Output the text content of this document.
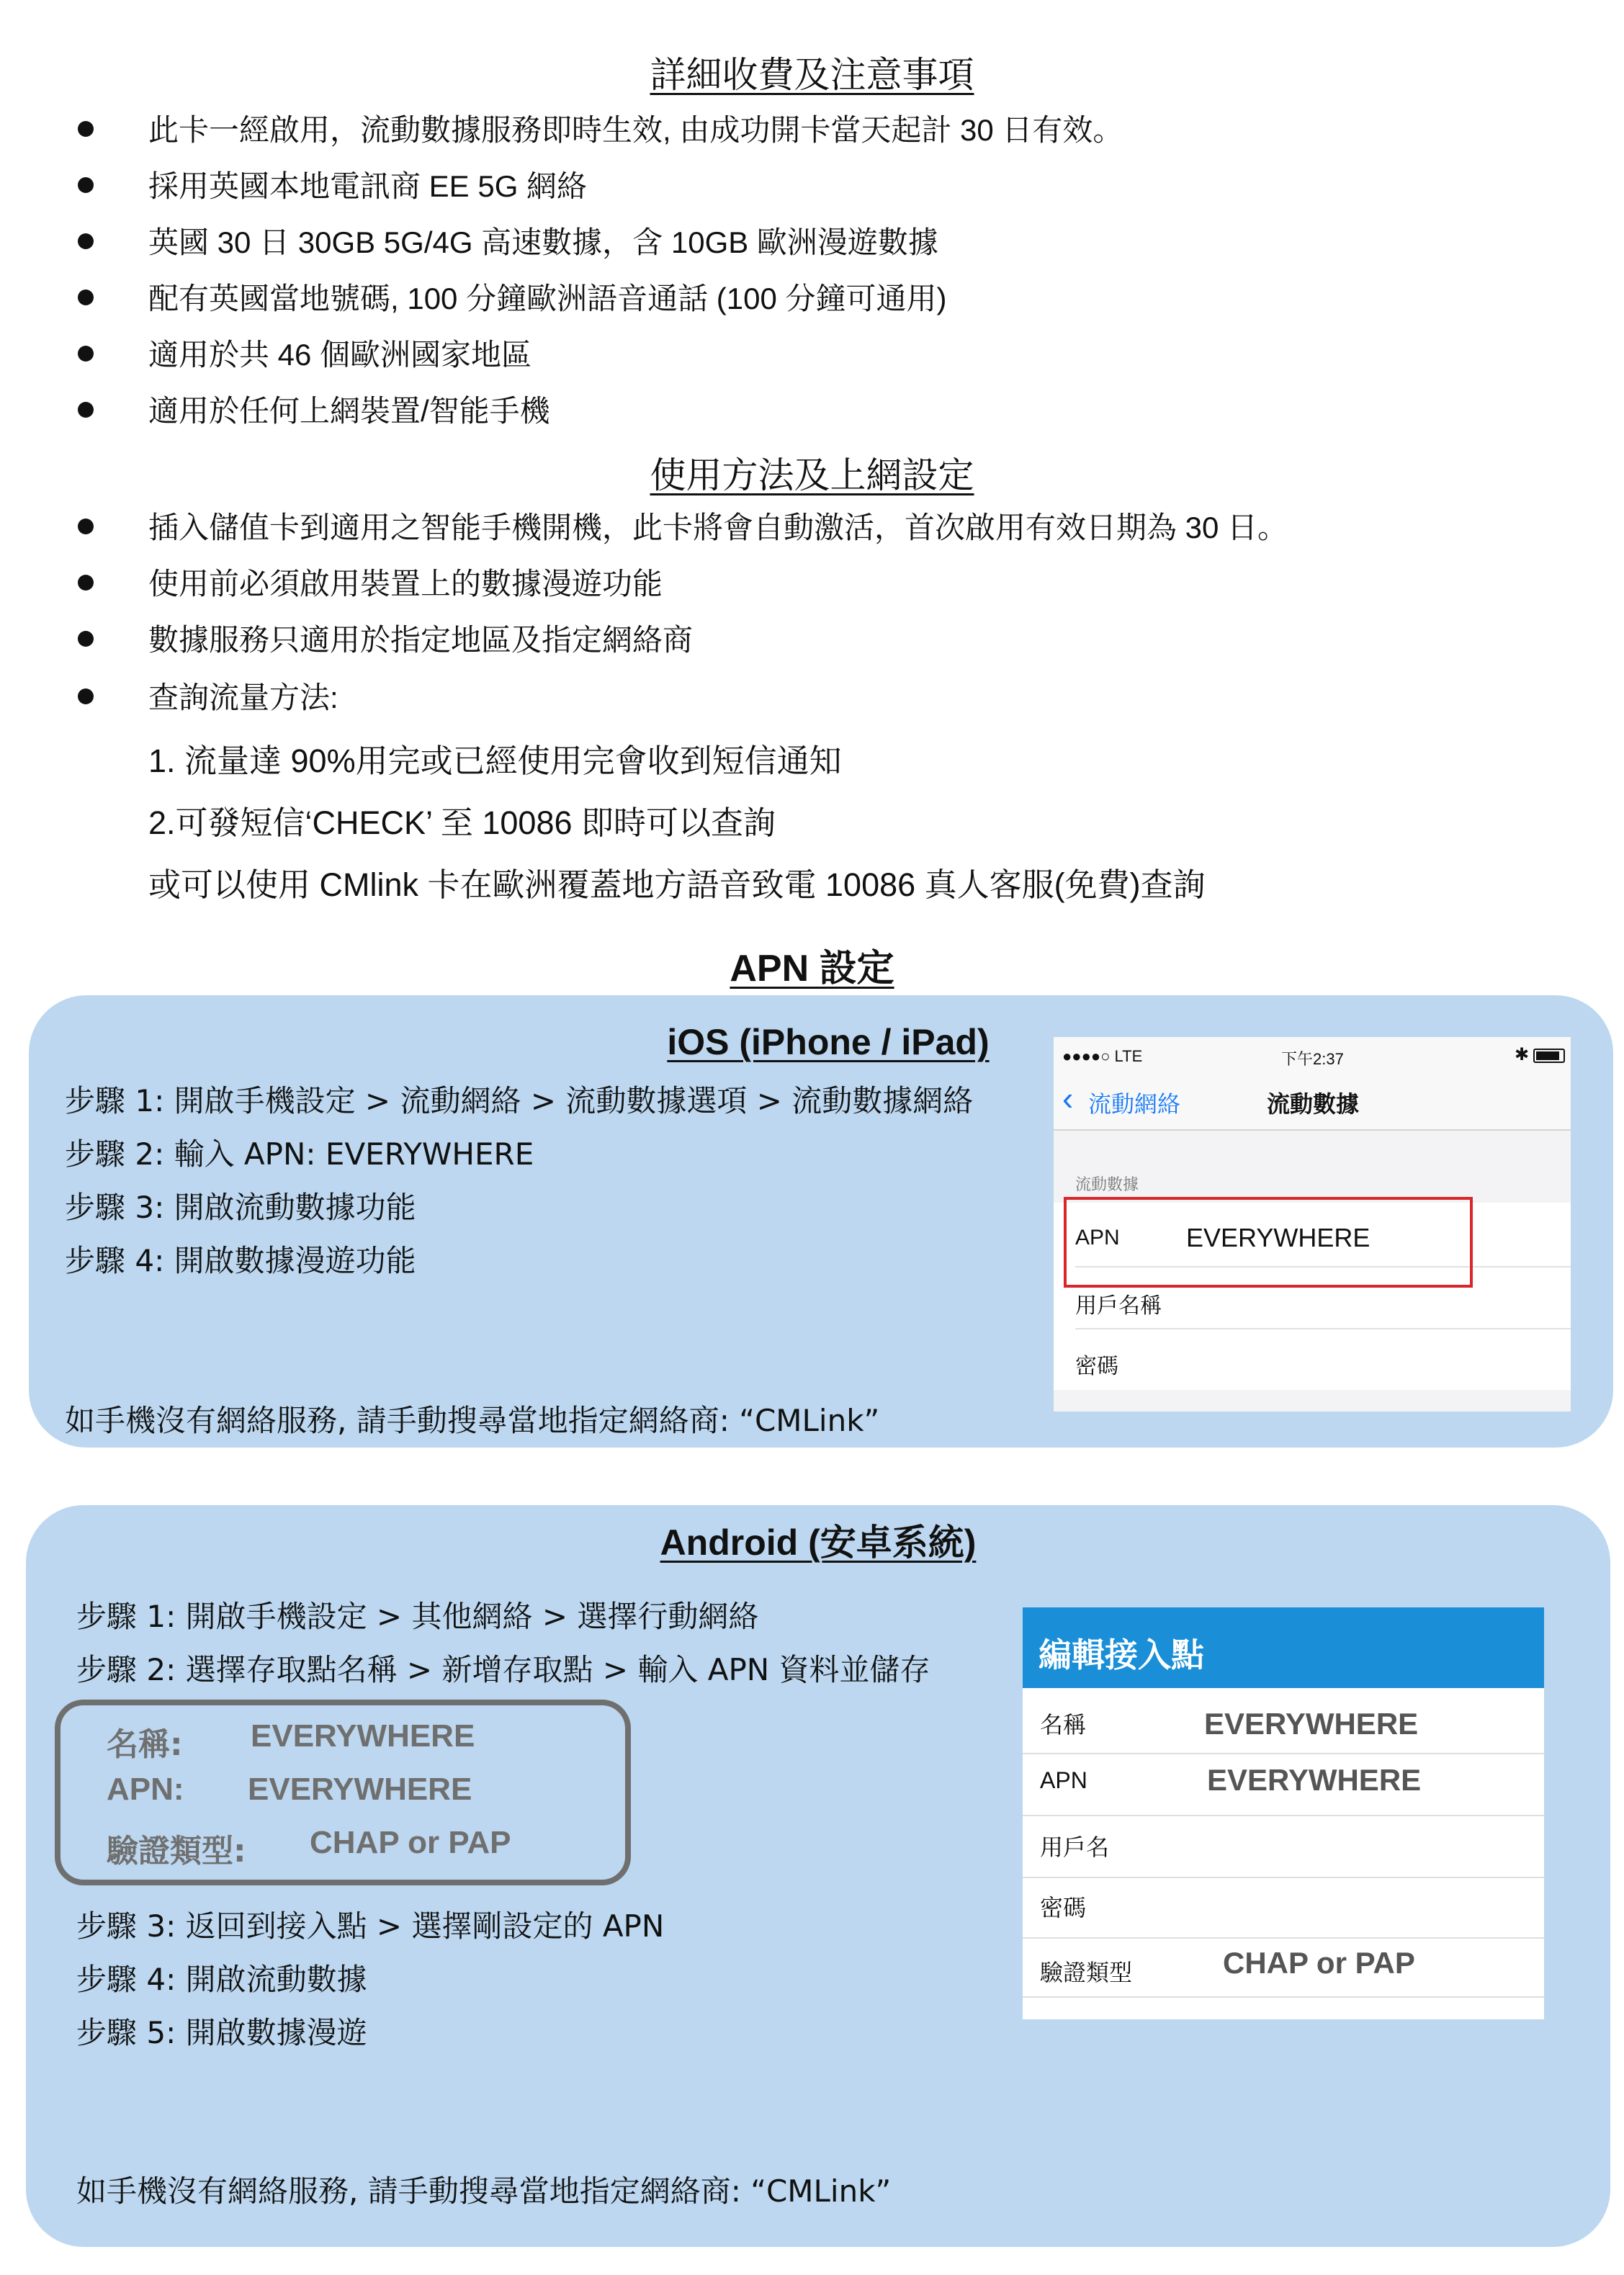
詳細收費及注意事項
此卡一經啟用，流動數據服務即時生效, 由成功開卡當天起計 30 日有效。
採用英國本地電訊商 EE 5G 網絡
英國 30 日 30GB 5G/4G 高速數據，含 10GB 歐洲漫遊數據
配有英國當地號碼, 100 分鐘歐洲語音通話 (100 分鐘可通用)
適用於共 46 個歐洲國家地區
適用於任何上網裝置/智能手機
使用方法及上網設定
插入儲值卡到適用之智能手機開機，此卡將會自動激活，首次啟用有效日期為 30 日。
使用前必須啟用裝置上的數據漫遊功能
數據服務只適用於指定地區及指定網絡商
查詢流量方法:
1. 流量達 90%用完或已經使用完會收到短信通知
2.可發短信‘CHECK’ 至 10086 即時可以查詢
或可以使用 CMlink 卡在歐洲覆蓋地方語音致電 10086 真人客服(免費)查詢
APN 設定
iOS (iPhone / iPad)
步驟 1: 開啟手機設定 > 流動網絡 > 流動數據選項 > 流動數據網絡
步驟 2: 輸入 APN: EVERYWHERE
步驟 3: 開啟流動數據功能
步驟 4: 開啟數據漫遊功能
如手機沒有網絡服務, 請手動搜尋當地指定網絡商: “CMLink”
●●●●○ LTE	下午2:37	✱
‹ 流動網絡	流動數據
流動數據
APN	EVERYWHERE
用戶名稱
密碼
Android (安卓系統)
步驟 1: 開啟手機設定 > 其他網絡 > 選擇行動網絡
步驟 2: 選擇存取點名稱 > 新增存取點 > 輸入 APN 資料並儲存
名稱: EVERYWHERE
APN: EVERYWHERE
驗證類型: CHAP or PAP
步驟 3: 返回到接入點 > 選擇剛設定的 APN
步驟 4: 開啟流動數據
步驟 5: 開啟數據漫遊
如手機沒有網絡服務, 請手動搜尋當地指定網絡商: “CMLink”
編輯接入點
名稱	EVERYWHERE
APN	EVERYWHERE
用戶名
密碼
驗證類型	CHAP or PAP
